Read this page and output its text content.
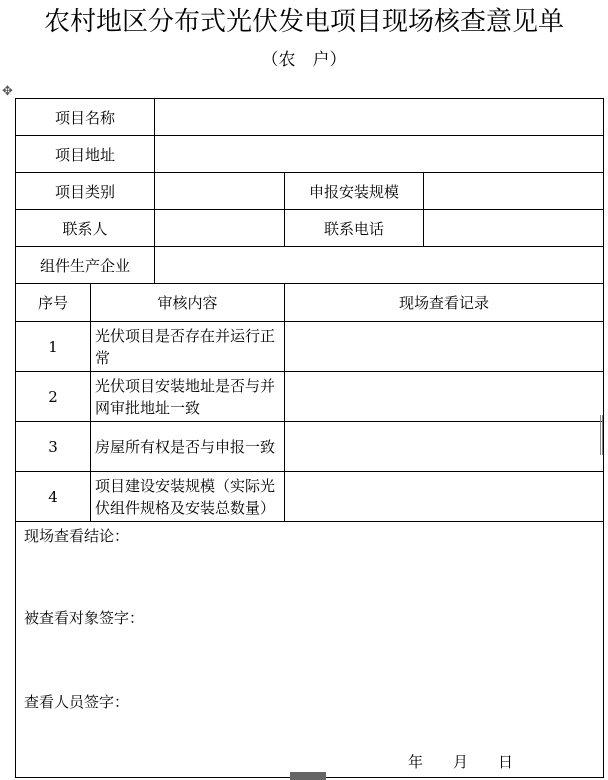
农村地区分布式光伏发电项目现场核查意见单
（农　户）
✥
项目名称				
项目地址				
项目类别			申报安装规模	
联系人			联系电话	
组件生产企业				
序号	审核内容		现场查看记录	
1	光伏项目是否存在并运行正常			
2	光伏项目安装地址是否与并网审批地址一致			
3	房屋所有权是否与申报一致			
4	项目建设安装规模（实际光伏组件规格及安装总数量）			

现场查看结论：
被查看对象签字：
查看人员签字：
年　　月　　日				
